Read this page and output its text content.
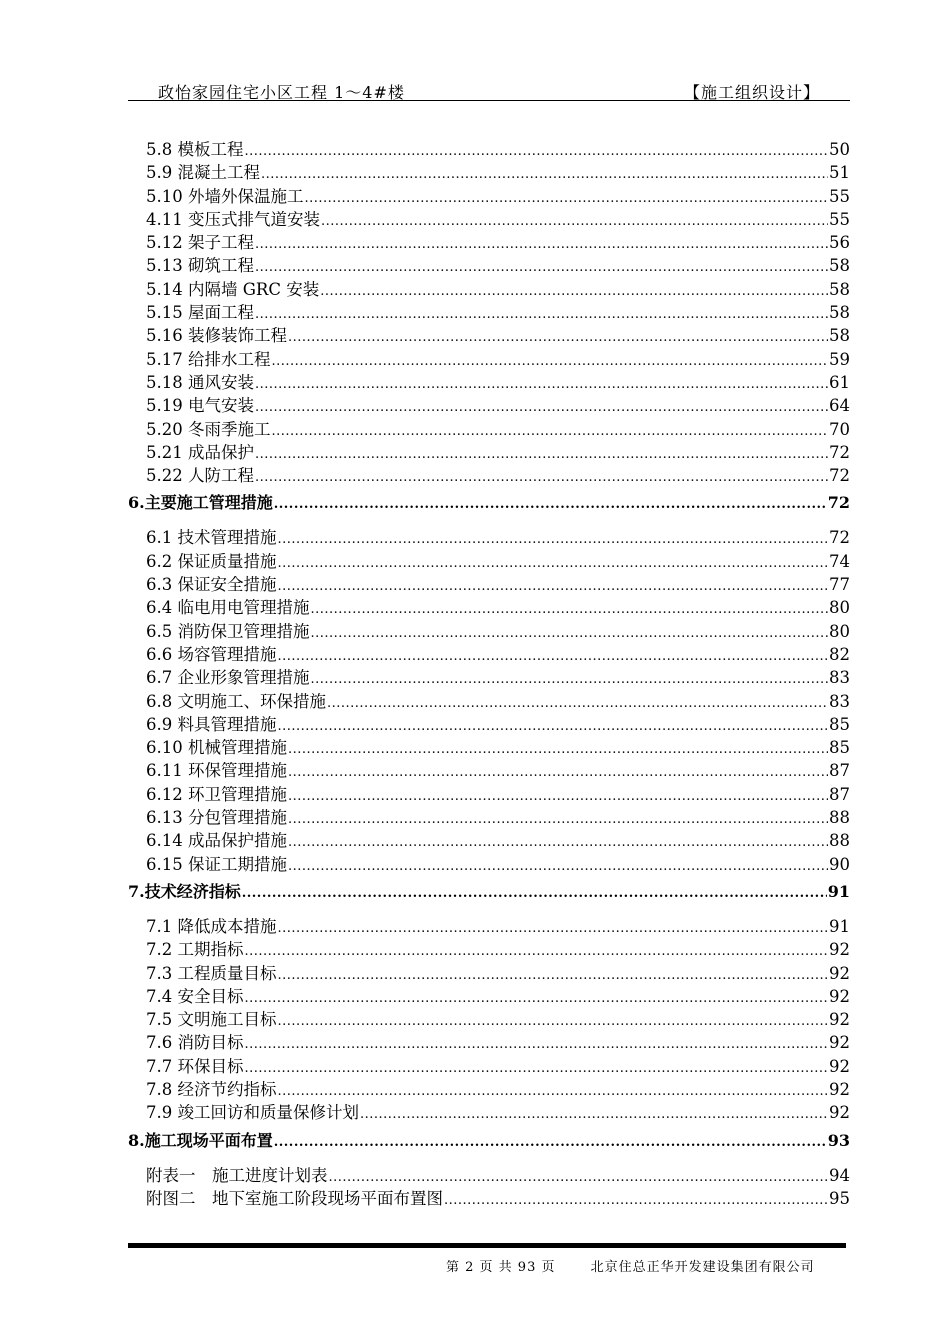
政怡家园住宅小区工程 1～4#楼	【施工组织设计】
5.8 模板工程 .....	50
5.9 混凝土工程 .....	51
5.10 外墙外保温施工 .....	55
4.11 变压式排气道安装 .....	55
5.12 架子工程 .....	56
5.13 砌筑工程 .....	58
5.14 内隔墙 GRC 安装 .....	58
5.15 屋面工程 .....	58
5.16 装修装饰工程 .....	58
5.17 给排水工程 .....	59
5.18 通风安装 .....	61
5.19 电气安装 .....	64
5.20 冬雨季施工 .....	70
5.21 成品保护 .....	72
5.22 人防工程 .....	72
6.主要施工管理措施 .....	72
6.1 技术管理措施 .....	72
6.2 保证质量措施 .....	74
6.3 保证安全措施 .....	77
6.4 临电用电管理措施 .....	80
6.5 消防保卫管理措施 .....	80
6.6 场容管理措施 .....	82
6.7 企业形象管理措施 .....	83
6.8 文明施工、环保措施 .....	83
6.9 料具管理措施 .....	85
6.10 机械管理措施 .....	85
6.11 环保管理措施 .....	87
6.12 环卫管理措施 .....	87
6.13 分包管理措施 .....	88
6.14 成品保护措施 .....	88
6.15 保证工期措施 .....	90
7.技术经济指标 .....	91
7.1 降低成本措施 .....	91
7.2 工期指标 .....	92
7.3 工程质量目标 .....	92
7.4 安全目标 .....	92
7.5 文明施工目标 .....	92
7.6 消防目标 .....	92
7.7 环保目标 .....	92
7.8 经济节约指标 .....	92
7.9 竣工回访和质量保修计划 .....	92
8.施工现场平面布置 .....	93
附表一　施工进度计划表 .....	94
附图二　地下室施工阶段现场平面布置图 .....	95
第 2 页 共 93 页	北京住总正华开发建设集团有限公司
